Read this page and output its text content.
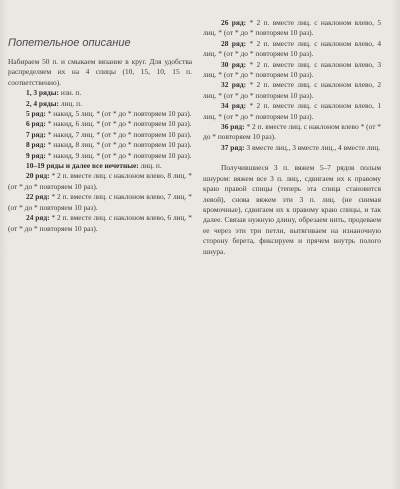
Попетельное описание

Набираем 50 п. и смыкаем вязание в круг. Для удобства распределяем их на 4 спицы (10, 15, 10, 15 п. соответственно).

1, 3 ряды: изн. п.

2, 4 ряды: лиц. п.

5 ряд: * накид, 5 лиц. * (от * до * повторяем 10 раз).

6 ряд: * накид, 6 лиц. * (от * до * повторяем 10 раз).

7 ряд: * накид, 7 лиц. * (от * до * повторяем 10 раз).

8 ряд: * накид, 8 лиц. * (от * до * повторяем 10 раз).

9 ряд: * накид, 9 лиц. * (от * до * повторяем 10 раз).

10–19 ряды и далее все нечетные: лиц. п.

20 ряд: * 2 п. вместе лиц. с наклоном влево, 8 лиц. * (от * до * повторяем 10 раз).

22 ряд: * 2 п. вместе лиц. с наклоном влево, 7 лиц. * (от * до * повторяем 10 раз).

24 ряд: * 2 п. вместе лиц. с наклоном влево, 6 лиц. * (от * до * повторяем 10 раз).

26 ряд: * 2 п. вместе лиц. с наклоном влево, 5 лиц. * (от * до * повторяем 10 раз).

28 ряд: * 2 п. вместе лиц. с наклоном влево, 4 лиц. * (от * до * повторяем 10 раз).

30 ряд: * 2 п. вместе лиц. с наклоном влево, 3 лиц. * (от * до * повторяем 10 раз).

32 ряд: * 2 п. вместе лиц. с наклоном влево, 2 лиц. * (от * до * повторяем 10 раз).

34 ряд: * 2 п. вместе лиц. с наклоном влево, 1 лиц. * (от * до * повторяем 10 раз).

36 ряд: * 2 п. вместе лиц. с наклоном влево * (от * до * повторяем 10 раз).

37 ряд: 3 вместе лиц., 3 вместе лиц., 4 вместе лиц.

Получившиеся 3 п. вяжем 5–7 рядов полым шнуром: вяжем все 3 п. лиц., сдвигаем их к правому краю правой спицы (теперь эта спица становится левой), снова вяжем эти 3 п. лиц. (не снимая кромочные), сдвигаем их к правому краю спицы, и так далее. Связав нужную длину, обрезаем нить, продеваем ее через эти три петли, вытягиваем на изнаночную сторону берета, фиксируем и прячем внутрь полого шнура.
